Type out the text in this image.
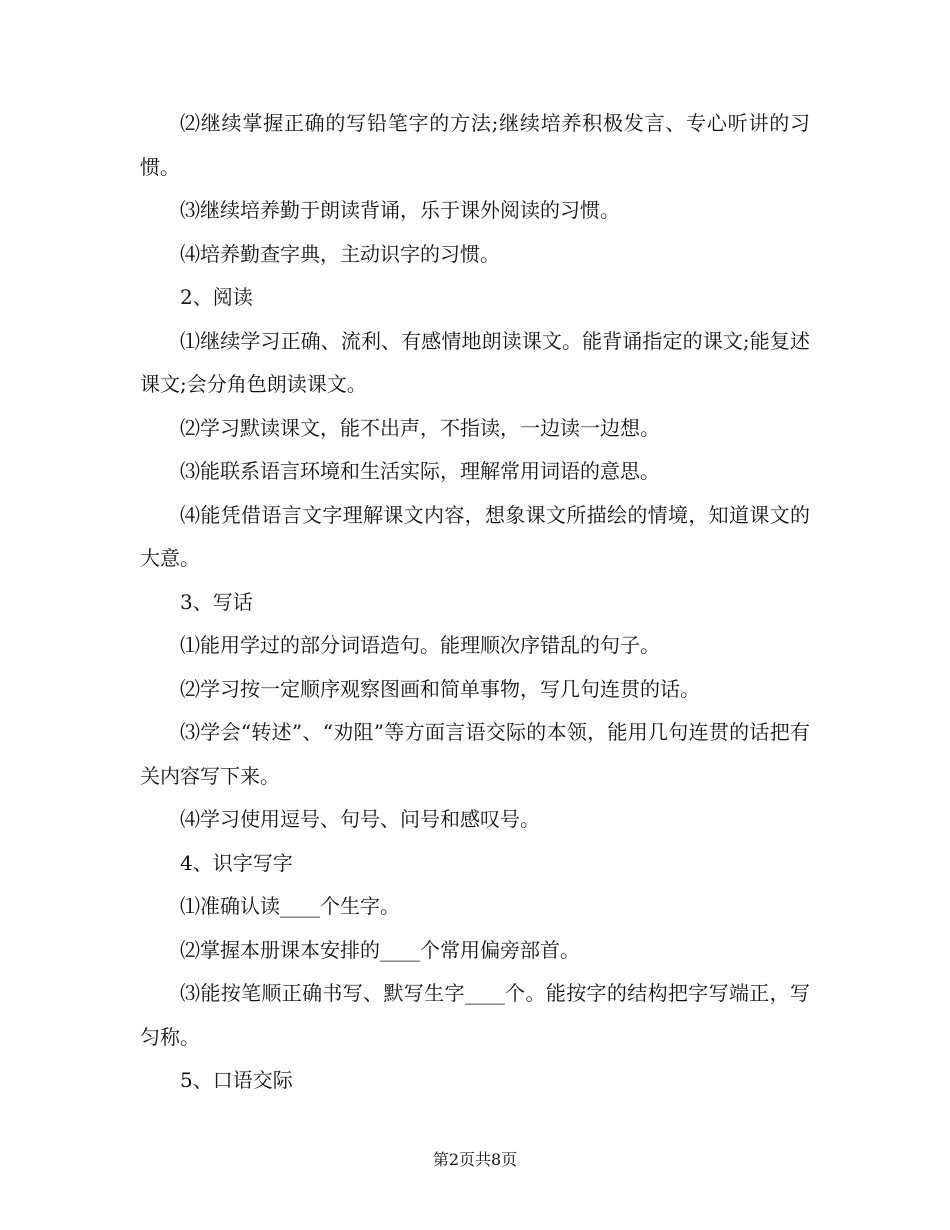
⑵继续掌握正确的写铅笔字的方法;继续培养积极发言、专心听讲的习惯。

⑶继续培养勤于朗读背诵，乐于课外阅读的习惯。

⑷培养勤查字典，主动识字的习惯。

2、阅读

⑴继续学习正确、流利、有感情地朗读课文。能背诵指定的课文;能复述课文;会分角色朗读课文。

⑵学习默读课文，能不出声，不指读，一边读一边想。

⑶能联系语言环境和生活实际，理解常用词语的意思。

⑷能凭借语言文字理解课文内容，想象课文所描绘的情境，知道课文的大意。

3、写话

⑴能用学过的部分词语造句。能理顺次序错乱的句子。

⑵学习按一定顺序观察图画和简单事物，写几句连贯的话。

⑶学会“转述”、“劝阻”等方面言语交际的本领，能用几句连贯的话把有关内容写下来。

⑷学习使用逗号、句号、问号和感叹号。

4、识字写字

⑴准确认读____个生字。

⑵掌握本册课本安排的____个常用偏旁部首。

⑶能按笔顺正确书写、默写生字____个。能按字的结构把字写端正，写匀称。

5、口语交际

第2页共8页
